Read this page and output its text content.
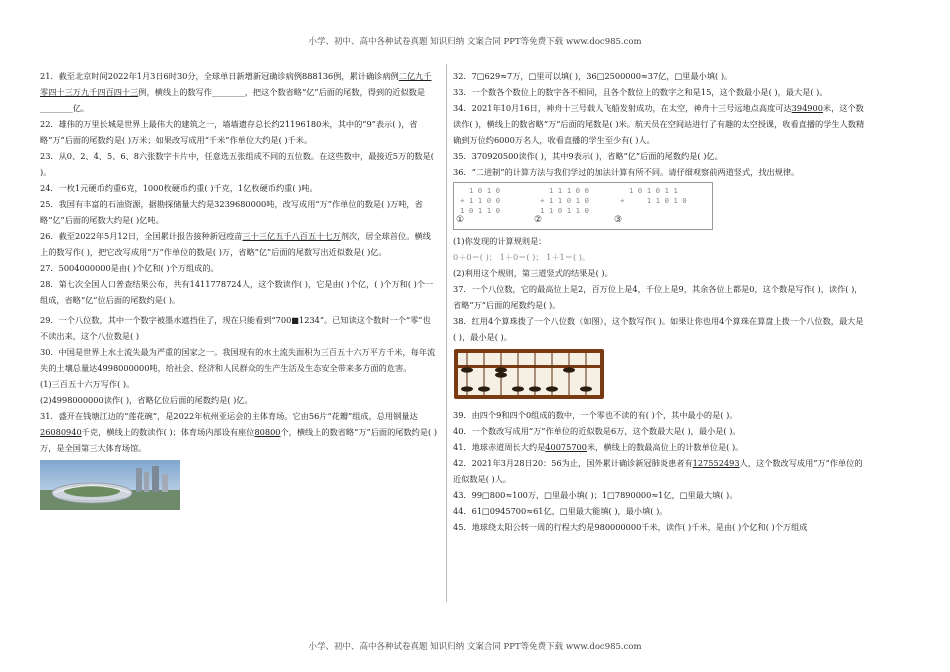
小学、初中、高中各种试卷真题 知识归纳 文案合同 PPT等免费下载 www.doc985.com

21．截至北京时间2022年1月3日6时30分，全球单日新增新冠确诊病例888136例，累计确诊病例二亿九千零四十三万九千四百四十三例，横线上的数写作________，把这个数省略“亿”后面的尾数，得到的近似数是________亿。

22．雄伟的万里长城是世界上最伟大的建筑之一，墙墙遗存总长约21196180米，其中的“9”表示( )，省略“万”后面的尾数约是( )万米；如果改写成用“千米”作单位大约是( )千米。

23．从0、2、4、5、6、8六张数字卡片中，任意选五张组成不同的五位数。在这些数中，最接近5万的数是( )。

24．一枚1元硬币约重6克，1000枚硬币约重( )千克，1亿枚硬币约重( )吨。

25．我国有丰富的石油资源，据勘探储量大约是3239680000吨，改写成用“万”作单位的数是( )万吨，省略“亿”后面的尾数大约是( )亿吨。

26．截至2022年5月12日，全国累计报告接种新冠疫苗三十三亿五千八百五十七万剂次，居全球首位。横线上的数写作( )，把它改写成用“万”作单位的数是( )万，省略“亿”后面的尾数写出近似数是( )亿。

27．5004000000是由( )个亿和( )个万组成的。

28．第七次全国人口普查结果公布，共有1411778724人，这个数读作( )，它是由( )个亿，( )个万和( )个一组成，省略“亿”位后面的尾数约是( )。

29．一个八位数，其中一个数字被墨水遮挡住了，现在只能看到“700■1234”。已知读这个数时一个“零”也不读出来，这个八位数是( )

30．中国是世界上水土流失最为严重的国家之一。我国现有的水土流失面积为三百五十六万平方千米，每年流失的土壤总量达4998000000吨，给社会、经济和人民群众的生产生活及生态安全带来多方面的危害。

(1)三百五十六万写作( )。

(2)4998000000读作( )，省略亿位后面的尾数约是( )亿。

31．盛开在钱塘江边的“莲花碗”，是2022年杭州亚运会的主体育场。它由56片“花瓣”组成，总用钢量达26080940千克，横线上的数读作( )；体育场内部设有座位80800个，横线上的数省略“万”后面的尾数约是( )万，是全国第三大体育场馆。

32．7□629≈7万，□里可以填( )，36□2500000≈37亿，□里最小填( )。

33．一个数各个数位上的数字各不相同，且各个数位上的数字之和是15，这个数最小是( )，最大是( )。

34．2021年10月16日，神舟十三号载人飞船发射成功，在太空，神舟十三号远地点高度可达394900米，这个数读作( )，横线上的数省略“万”后面的尾数是( )米。航天员在空间站进行了有趣的太空授课，收看直播的学生人数精确到万位约6000万名人，收看直播的学生至少有( )人。

35．370920500读作( )，其中9表示( )，省略“亿”后面的尾数约是( )亿。

36．“二进制”的计算方法与我们学过的加法计算有所不同。请仔细观察前两道竖式，找出规律。

1 0 1 0
+ 1 1 0 0
1 0 1 1 0
1 1 1 0 0
+ 1 1 0 1 0
1 1 0 1 1 0
1 0 1 0 1 1
+     1 1 0 1 0

①	②	③

(1)你发现的计算规则是：

0＋0＝( )； 1＋0＝( )； 1＋1＝( )。

(2)利用这个规则，第三道竖式的结果是( )。

37．一个八位数，它的最高位上是2，百万位上是4，千位上是9，其余各位上都是0，这个数是写作( )，读作( )，省略“万”后面的尾数约是( )。

38．红用4个算珠拨了一个八位数（如图），这个数写作( )。如果让你也用4个算珠在算盘上拨一个八位数，最大是( )，最小是( )。

39．由四个9和四个0组成的数中，一个零也不读的有( )个，其中最小的是( )。

40．一个数改写成用“万”作单位的近似数是6万，这个数最大是( )，最小是( )。

41．地球赤道周长大约是40075700米，横线上的数最高位上的计数单位是( )。

42．2021年3月28日20：56为止，国外累计确诊新冠肺炎患者有127552493人，这个数改写成用“万”作单位的近似数是( )人。

43．99□800≈100万，□里最小填( )；1□7890000≈1亿，□里最大填( )。

44．61□0945700≈61亿，□里最大能填( )，最小填( )。

45．地球绕太阳公转一周的行程大约是980000000千米，读作( )千米，是由( )个亿和( )个万组成

小学、初中、高中各种试卷真题 知识归纳 文案合同 PPT等免费下载 www.doc985.com
